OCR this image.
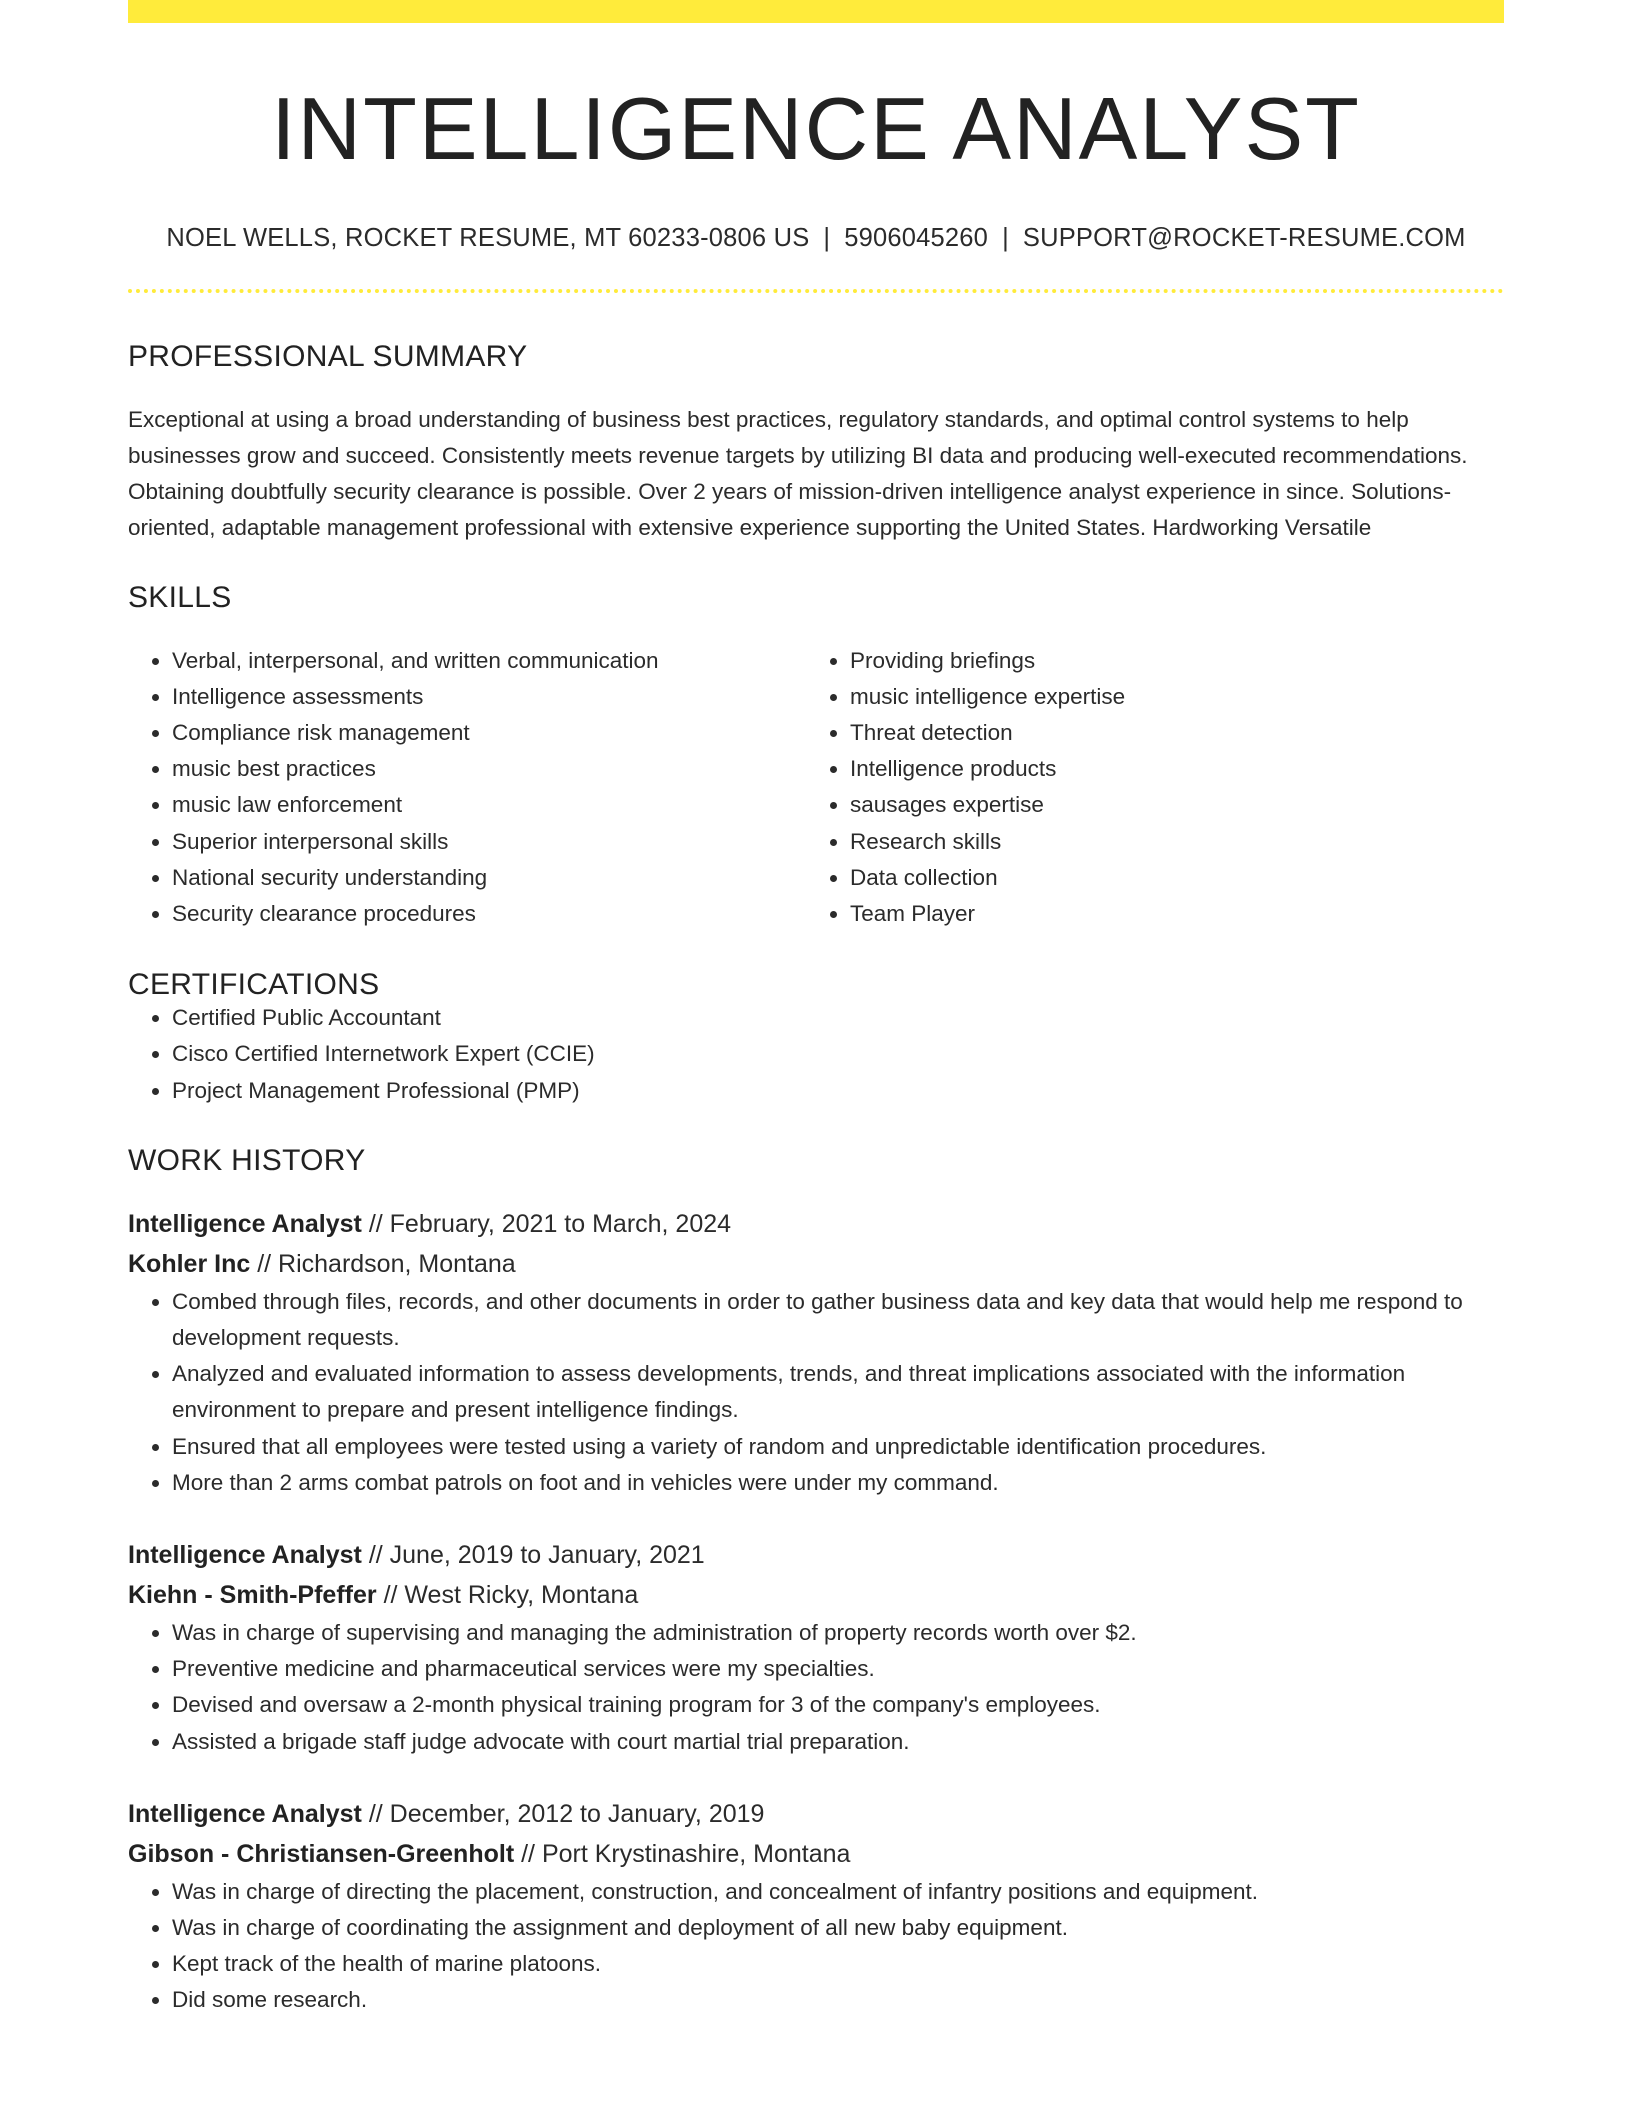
INTELLIGENCE ANALYST
NOEL WELLS, ROCKET RESUME, MT 60233-0806 US | 5906045260 | SUPPORT@ROCKET-RESUME.COM
PROFESSIONAL SUMMARY
Exceptional at using a broad understanding of business best practices, regulatory standards, and optimal control systems to help businesses grow and succeed. Consistently meets revenue targets by utilizing BI data and producing well-executed recommendations. Obtaining doubtfully security clearance is possible. Over 2 years of mission-driven intelligence analyst experience in since. Solutions-oriented, adaptable management professional with extensive experience supporting the United States. Hardworking Versatile
SKILLS
• Verbal, interpersonal, and written communication
• Intelligence assessments
• Compliance risk management
• music best practices
• music law enforcement
• Superior interpersonal skills
• National security understanding
• Security clearance procedures
• Providing briefings
• music intelligence expertise
• Threat detection
• Intelligence products
• sausages expertise
• Research skills
• Data collection
• Team Player
CERTIFICATIONS
• Certified Public Accountant
• Cisco Certified Internetwork Expert (CCIE)
• Project Management Professional (PMP)
WORK HISTORY
Intelligence Analyst // February, 2021 to March, 2024
Kohler Inc // Richardson, Montana
• Combed through files, records, and other documents in order to gather business data and key data that would help me respond to development requests.
• Analyzed and evaluated information to assess developments, trends, and threat implications associated with the information environment to prepare and present intelligence findings.
• Ensured that all employees were tested using a variety of random and unpredictable identification procedures.
• More than 2 arms combat patrols on foot and in vehicles were under my command.
Intelligence Analyst // June, 2019 to January, 2021
Kiehn - Smith-Pfeffer // West Ricky, Montana
• Was in charge of supervising and managing the administration of property records worth over $2.
• Preventive medicine and pharmaceutical services were my specialties.
• Devised and oversaw a 2-month physical training program for 3 of the company's employees.
• Assisted a brigade staff judge advocate with court martial trial preparation.
Intelligence Analyst // December, 2012 to January, 2019
Gibson - Christiansen-Greenholt // Port Krystinashire, Montana
• Was in charge of directing the placement, construction, and concealment of infantry positions and equipment.
• Was in charge of coordinating the assignment and deployment of all new baby equipment.
• Kept track of the health of marine platoons.
• Did some research.
